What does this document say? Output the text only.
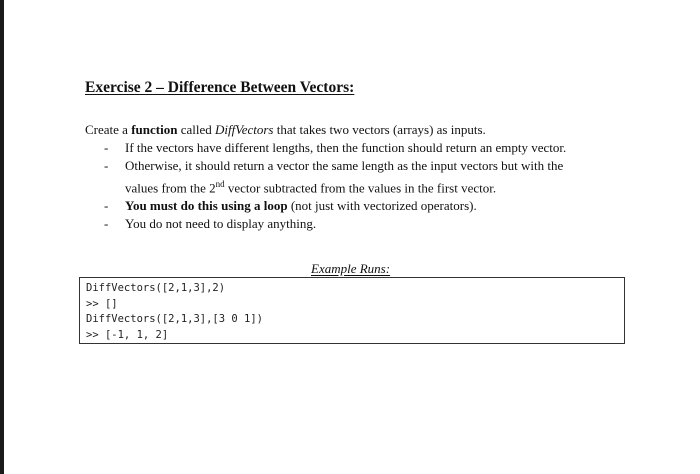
Exercise 2 – Difference Between Vectors:
Create a function called DiffVectors that takes two vectors (arrays) as inputs.
- If the vectors have different lengths, then the function should return an empty vector.
- Otherwise, it should return a vector the same length as the input vectors but with the
values from the 2nd vector subtracted from the values in the first vector.
- You must do this using a loop (not just with vectorized operators).
- You do not need to display anything.
Example Runs:
DiffVectors([2,1,3],2)
>> []
DiffVectors([2,1,3],[3 0 1])
>> [-1, 1, 2]
